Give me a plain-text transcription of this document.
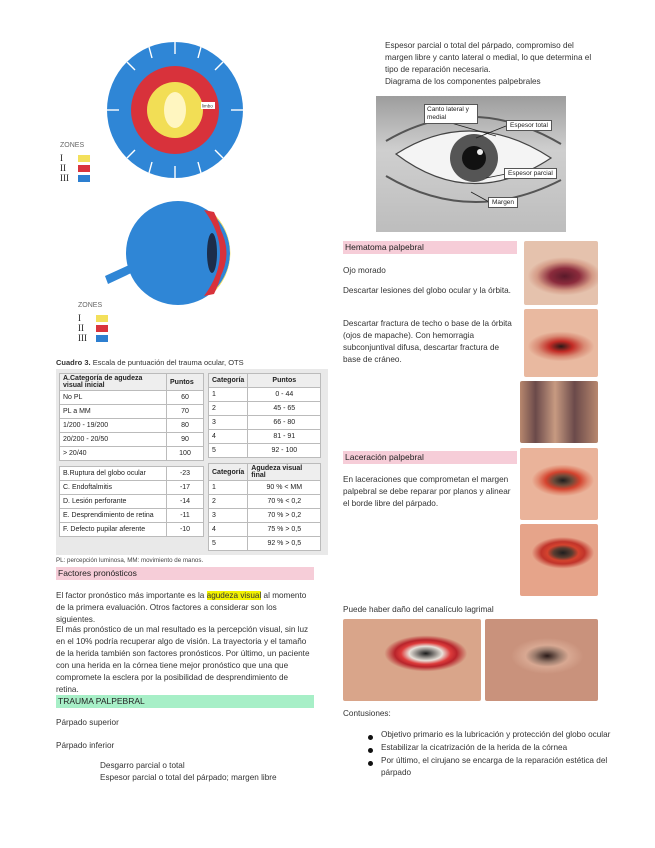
limbo
ZONES
I
II
III
ZONES
I
II
III
Cuadro 3. Escala de puntuación del trauma ocular, OTS
A.Categoría de agudeza visual inicial	Puntos
No PL	60
PL a MM	70
1/200 - 19/200	80
20/200 - 20/50	90
> 20/40	100
B.Ruptura del globo ocular	-23
C. Endoftalmitis	-17
D. Lesión perforante	-14
E. Desprendimiento de retina	-11
F. Defecto pupilar aferente	-10
Categoría	Puntos
1	0 - 44
2	45 - 65
3	66 - 80
4	81 - 91
5	92 - 100
Categoría	Agudeza visual final
1	90 % < MM
2	70 % < 0,2
3	70 % > 0,2
4	75 % > 0,5
5	92 % > 0,5
PL: percepción luminosa, MM: movimiento de manos.
Factores pronósticos
El factor pronóstico más importante es la agudeza visual al momento de la primera evaluación. Otros factores a considerar son los siguientes.
El más pronóstico de un mal resultado es la percepción visual, sin luz en el 10% podría recuperar algo de visión. La trayectoria y el tamaño de la herida también son factores pronósticos. Por último, un paciente con una herida en la córnea tiene mejor pronóstico que una que compromete la esclera por la posibilidad de desprendimiento de retina.
TRAUMA PALPEBRAL
Párpado superior
Párpado inferior
Desgarro parcial o total
Espesor parcial o total del párpado; margen libre
Espesor parcial o total del párpado, compromiso del margen libre y canto lateral o medial, lo que determina el tipo de reparación necesaria.
Diagrama de los componentes palpebrales
Canto lateral y medial
Espesor total
Espesor parcial
Margen
Hematoma palpebral
Ojo morado
Descartar lesiones del globo ocular y la órbita.
Descartar fractura de techo o base de la órbita (ojos de mapache). Con hemorragia subconjuntival difusa, descartar fractura de base de cráneo.
Laceración palpebral
En laceraciones que comprometan el margen palpebral se debe reparar por planos y alinear el borde libre del párpado.
Puede haber daño del canalículo lagrimal
Contusiones:
Objetivo primario es la lubricación y protección del globo ocular
Estabilizar la cicatrización de la herida de la córnea
Por último, el cirujano se encarga de la reparación estética del párpado
